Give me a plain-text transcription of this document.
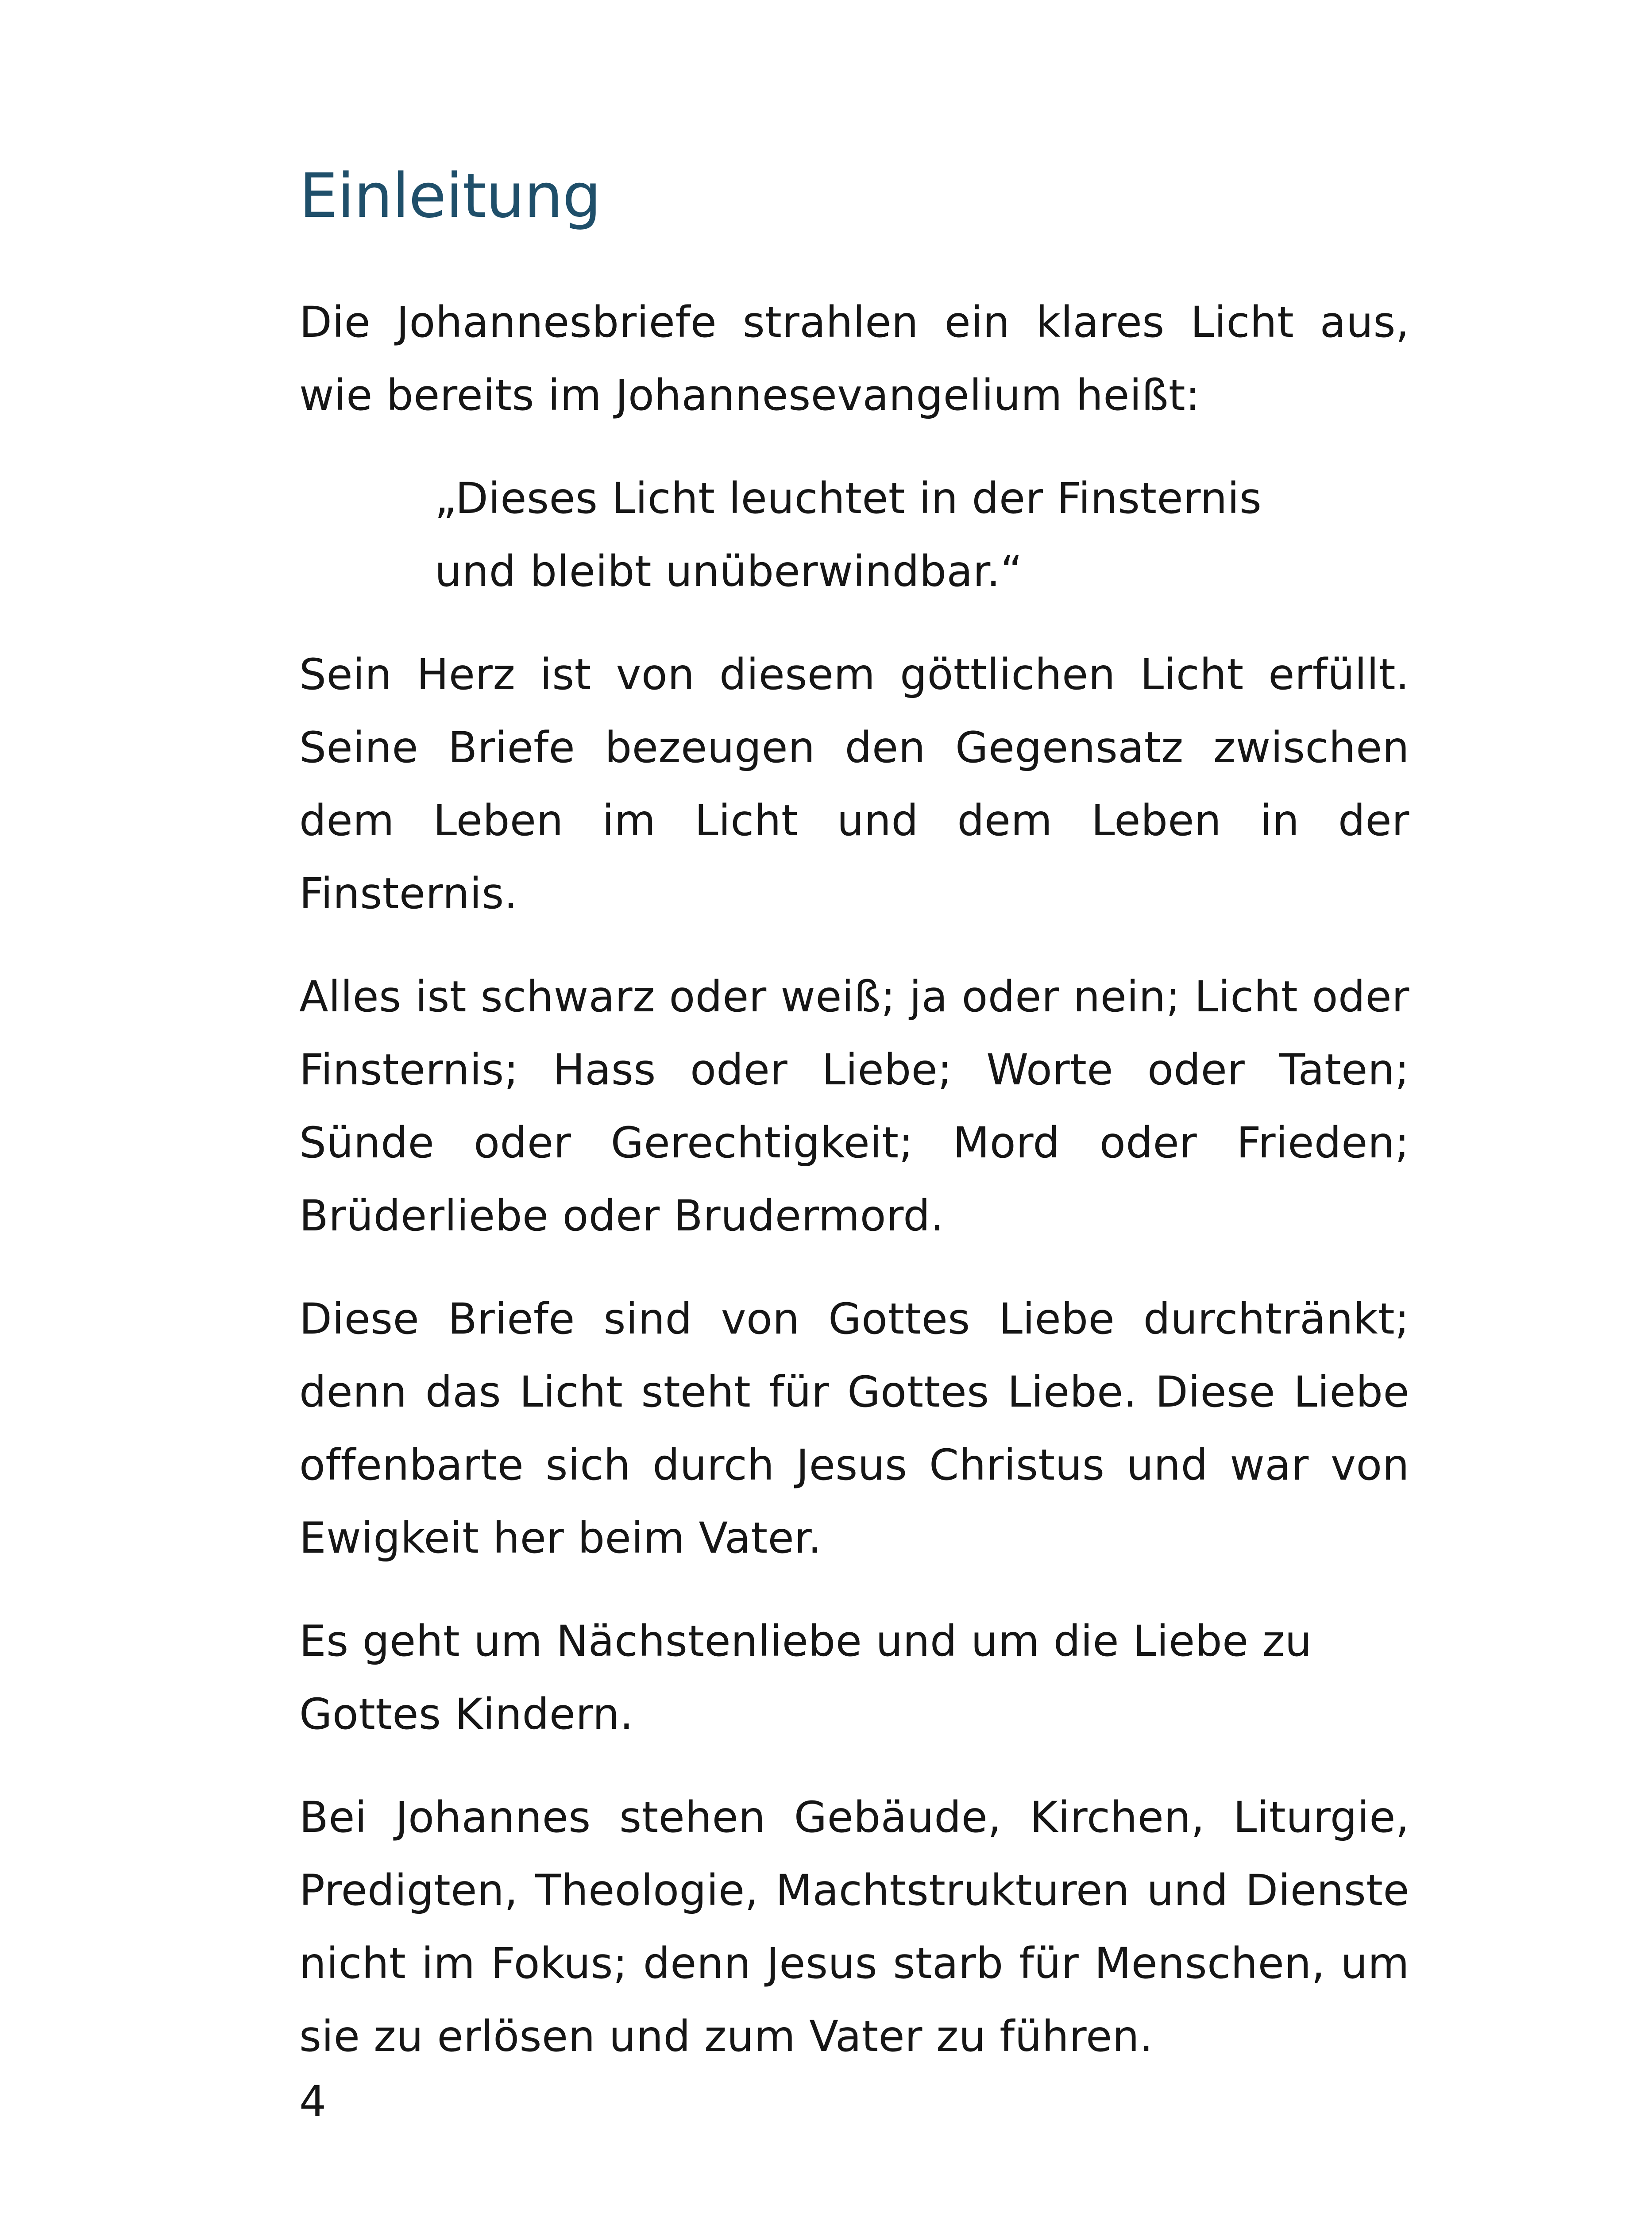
Einleitung

Die Johannesbriefe strahlen ein klares Licht aus, wie bereits im Johannesevangelium heißt:

„Dieses Licht leuchtet in der Finsternis
und bleibt unüberwindbar.“

Sein Herz ist von diesem göttlichen Licht erfüllt. Seine Briefe bezeugen den Gegensatz zwischen dem Leben im Licht und dem Leben in der Finsternis.

Alles ist schwarz oder weiß; ja oder nein; Licht oder Finsternis; Hass oder Liebe; Worte oder Taten; Sünde oder Gerechtigkeit; Mord oder Frieden; Brüderliebe oder Brudermord.

Diese Briefe sind von Gottes Liebe durchtränkt; denn das Licht steht für Gottes Liebe. Diese Liebe offenbarte sich durch Jesus Christus und war von Ewigkeit her beim Vater.

Es geht um Nächstenliebe und um die Liebe zu Gottes Kindern.

Bei Johannes stehen Gebäude, Kirchen, Liturgie, Predigten, Theologie, Machtstrukturen und Dienste nicht im Fokus; denn Jesus starb für Menschen, um sie zu erlösen und zum Vater zu führen.

4
